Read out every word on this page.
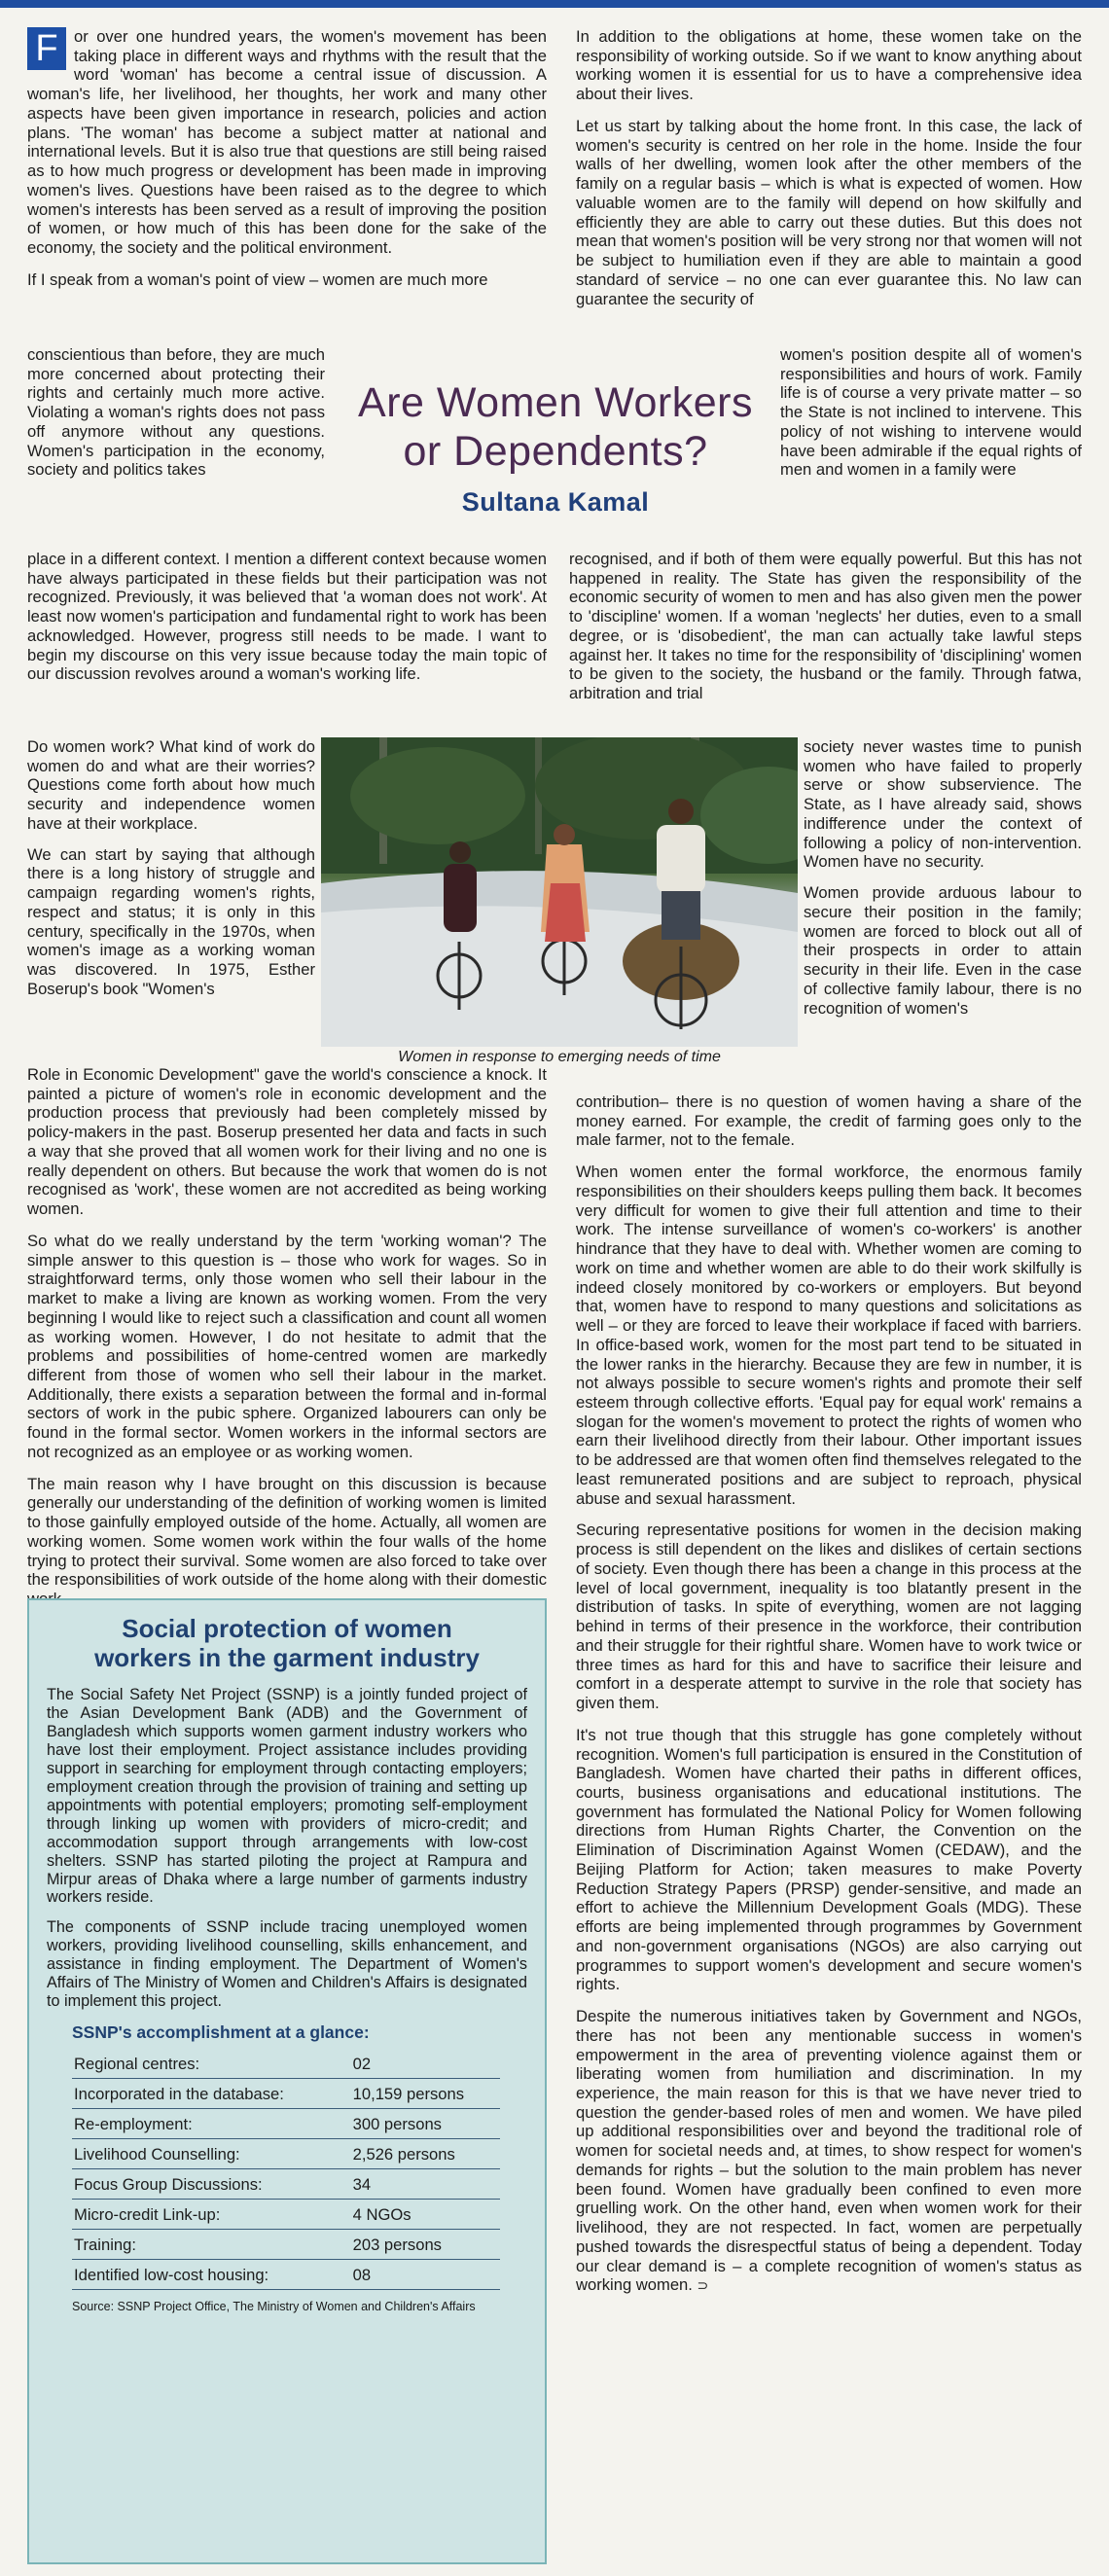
F or over one hundred years, the women's movement has been taking place in different ways and rhythms with the result that the word 'woman' has become a central issue of discussion. A woman's life, her livelihood, her thoughts, her work and many other aspects have been given importance in research, policies and action plans. 'The woman' has become a subject matter at national and international levels. But it is also true that questions are still being raised as to how much progress or development has been made in improving women's lives. Questions have been raised as to the degree to which women's interests has been served as a result of improving the position of women, or how much of this has been done for the sake of the economy, the society and the political environment.

If I speak from a woman's point of view – women are much more

In addition to the obligations at home, these women take on the responsibility of working outside. So if we want to know anything about working women it is essential for us to have a comprehensive idea about their lives.

Let us start by talking about the home front. In this case, the lack of women's security is centred on her role in the home. Inside the four walls of her dwelling, women look after the other members of the family on a regular basis – which is what is expected of women. How valuable women are to the family will depend on how skilfully and efficiently they are able to carry out these duties. But this does not mean that women's position will be very strong nor that women will not be subject to humiliation even if they are able to maintain a good standard of service – no one can ever guarantee this. No law can guarantee the security of

conscientious than before, they are much more concerned about protecting their rights and certainly much more active. Violating a woman's rights does not pass off anymore without any questions. Women's participation in the economy, society and politics takes
Are Women Workers
or Dependents?
Sultana Kamal
women's position despite all of women's responsibilities and hours of work. Family life is of course a very private matter – so the State is not inclined to intervene. This policy of not wishing to intervene would have been admirable if the equal rights of men and women in a family were

place in a different context. I mention a different context because women have always participated in these fields but their participation was not recognized. Previously, it was believed that 'a woman does not work'. At least now women's participation and fundamental right to work has been acknowledged. However, progress still needs to be made. I want to begin my discourse on this very issue because today the main topic of our discussion revolves around a woman's working life.

recognised, and if both of them were equally powerful. But this has not happened in reality. The State has given the responsibility of the economic security of women to men and has also given men the power to 'discipline' women. If a woman 'neglects' her duties, even to a small degree, or is 'disobedient', the man can actually take lawful steps against her. It takes no time for the responsibility of 'disciplining' women to be given to the society, the husband or the family. Through fatwa, arbitration and trial

Do women work? What kind of work do women do and what are their worries? Questions come forth about how much security and independence women have at their workplace.

We can start by saying that although there is a long history of struggle and campaign regarding women's rights, respect and status; it is only in this century, specifically in the 1970s, when women's image as a working woman was discovered. In 1975, Esther Boserup's book "Women's

Women in response to emerging needs of time

society never wastes time to punish women who have failed to properly serve or show subservience. The State, as I have already said, shows indifference under the context of following a policy of non-intervention. Women have no security.

Women provide arduous labour to secure their position in the family; women are forced to block out all of their prospects in order to attain security in their life. Even in the case of collective family labour, there is no recognition of women's

Role in Economic Development" gave the world's conscience a knock. It painted a picture of women's role in economic development and the production process that previously had been completely missed by policy-makers in the past. Boserup presented her data and facts in such a way that she proved that all women work for their living and no one is really dependent on others. But because the work that women do is not recognised as 'work', these women are not accredited as being working women.

So what do we really understand by the term 'working woman'? The simple answer to this question is – those who work for wages. So in straightforward terms, only those women who sell their labour in the market to make a living are known as working women. From the very beginning I would like to reject such a classification and count all women as working women. However, I do not hesitate to admit that the problems and possibilities of home-centred women are markedly different from those of women who sell their labour in the market. Additionally, there exists a separation between the formal and in-formal sectors of work in the pubic sphere. Organized labourers can only be found in the formal sector. Women workers in the informal sectors are not recognized as an employee or as working women.

The main reason why I have brought on this discussion is because generally our understanding of the definition of working women is limited to those gainfully employed outside of the home. Actually, all women are working women. Some women work within the four walls of the home trying to protect their survival. Some women are also forced to take over the responsibilities of work outside of the home along with their domestic

contribution– there is no question of women having a share of the money earned. For example, the credit of farming goes only to the male farmer, not to the female.

When women enter the formal workforce, the enormous family responsibilities on their shoulders keeps pulling them back. It becomes very difficult for women to give their full attention and time to their work. The intense surveillance of women's co-workers' is another hindrance that they have to deal with. Whether women are coming to work on time and whether women are able to do their work skilfully is indeed closely monitored by co-workers or employers. But beyond that, women have to respond to many questions and solicitations as well – or they are forced to leave their workplace if faced with barriers. In office-based work, women for the most part tend to be situated in the lower ranks in the hierarchy. Because they are few in number, it is not always possible to secure women's rights and promote their self esteem through collective efforts. 'Equal pay for equal work' remains a slogan for the women's movement to protect the rights of women who earn their livelihood directly from their labour. Other important issues to be addressed are that women often find themselves relegated to the least remunerated positions and are subject to reproach, physical abuse and sexual harassment.

Securing representative positions for women in the decision making process is still dependent on the likes and dislikes of certain sections of society. Even though there has been a change in this process at the level of local government, inequality is too blatantly present in the distribution of tasks. In spite of everything, women are not lagging behind in terms of their presence in the workforce, their contribution and their struggle for their rightful share. Women have to work twice or three times as hard for this and have to sacrifice their leisure and comfort in a desperate attempt to survive in the role that society has given them.

It's not true though that this struggle has gone completely without recognition. Women's full participation is ensured in the Constitution of Bangladesh. Women have charted their paths in different offices, courts, business organisations and educational institutions. The government has formulated the National Policy for Women following directions from Human Rights Charter, the Convention on the Elimination of Discrimination Against Women (CEDAW), and the Beijing Platform for Action; taken measures to make Poverty Reduction Strategy Papers (PRSP) gender-sensitive, and made an effort to achieve the Millennium Development Goals (MDG). These efforts are being implemented through programmes by Government and non-government organisations (NGOs) are also carrying out programmes to support women's development and secure women's rights.

Despite the numerous initiatives taken by Government and NGOs, there has not been any mentionable success in women's empowerment in the area of preventing violence against them or liberating women from humiliation and discrimination. In my experience, the main reason for this is that we have never tried to question the gender-based roles of men and women. We have piled up additional responsibilities over and beyond the traditional role of women for societal needs and, at times, to show respect for women's demands for rights – but the solution to the main problem has never been found. Women have gradually been confined to even more gruelling work. On the other hand, even when women work for their livelihood, they are not respected. In fact, women are perpetually pushed towards the disrespectful status of being a dependent. Today our clear demand is – a complete recognition of women's status as working women. ⊃

Social protection of women
workers in the garment industry

The Social Safety Net Project (SSNP) is a jointly funded project of the Asian Development Bank (ADB) and the Government of Bangladesh which supports women garment industry workers who have lost their employment. Project assistance includes providing support in searching for employment through contacting employers; employment creation through the provision of training and setting up appointments with potential employers; promoting self-employment through linking up women with providers of micro-credit; and accommodation support through arrangements with low-cost shelters. SSNP has started piloting the project at Rampura and Mirpur areas of Dhaka where a large number of garments industry workers reside.

The components of SSNP include tracing unemployed women workers, providing livelihood counselling, skills enhancement, and assistance in finding employment. The Department of Women's Affairs of The Ministry of Women and Children's Affairs is designated to implement this project.

SSNP's accomplishment at a glance:
Regional centres:	02
Incorporated in the database:	10,159 persons
Re-employment:	300 persons
Livelihood Counselling:	2,526 persons
Focus Group Discussions:	34
Micro-credit Link-up:	4 NGOs
Training:	203 persons
Identified low-cost housing:	08
Source: SSNP Project Office, The Ministry of Women and Children's Affairs
